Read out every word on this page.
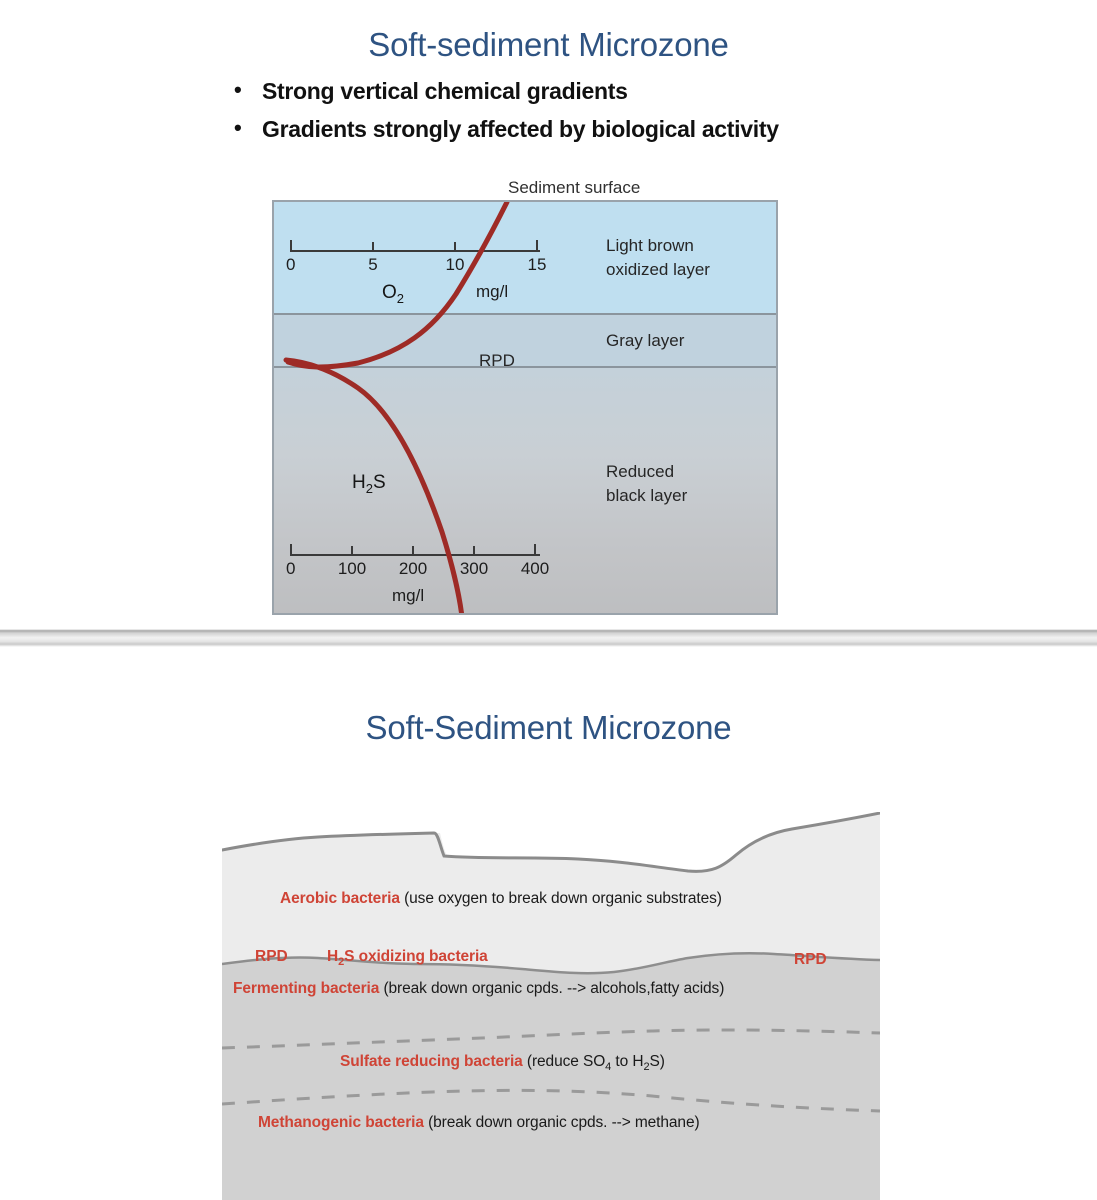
Soft-sediment Microzone
• Strong vertical chemical gradients
• Gradients strongly affected by biological activity
Sediment surface
0	5	10	15
mg/l
$O_2$
0 100 200 300 400
mg/l
$H_2S$
Light brown
oxidized layer
Gray layer
Reduced
black layer
RPD
Soft-Sediment Microzone
Aerobic bacteria (use oxygen to break down organic substrates)
RPD	$H_2S$ oxidizing bacteria	RPD
Fermenting bacteria (break down organic cpds. --> alcohols,fatty acids)
Sulfate reducing bacteria (reduce $SO_4$ to $H_2S$)
Methanogenic bacteria (break down organic cpds. --> methane)
